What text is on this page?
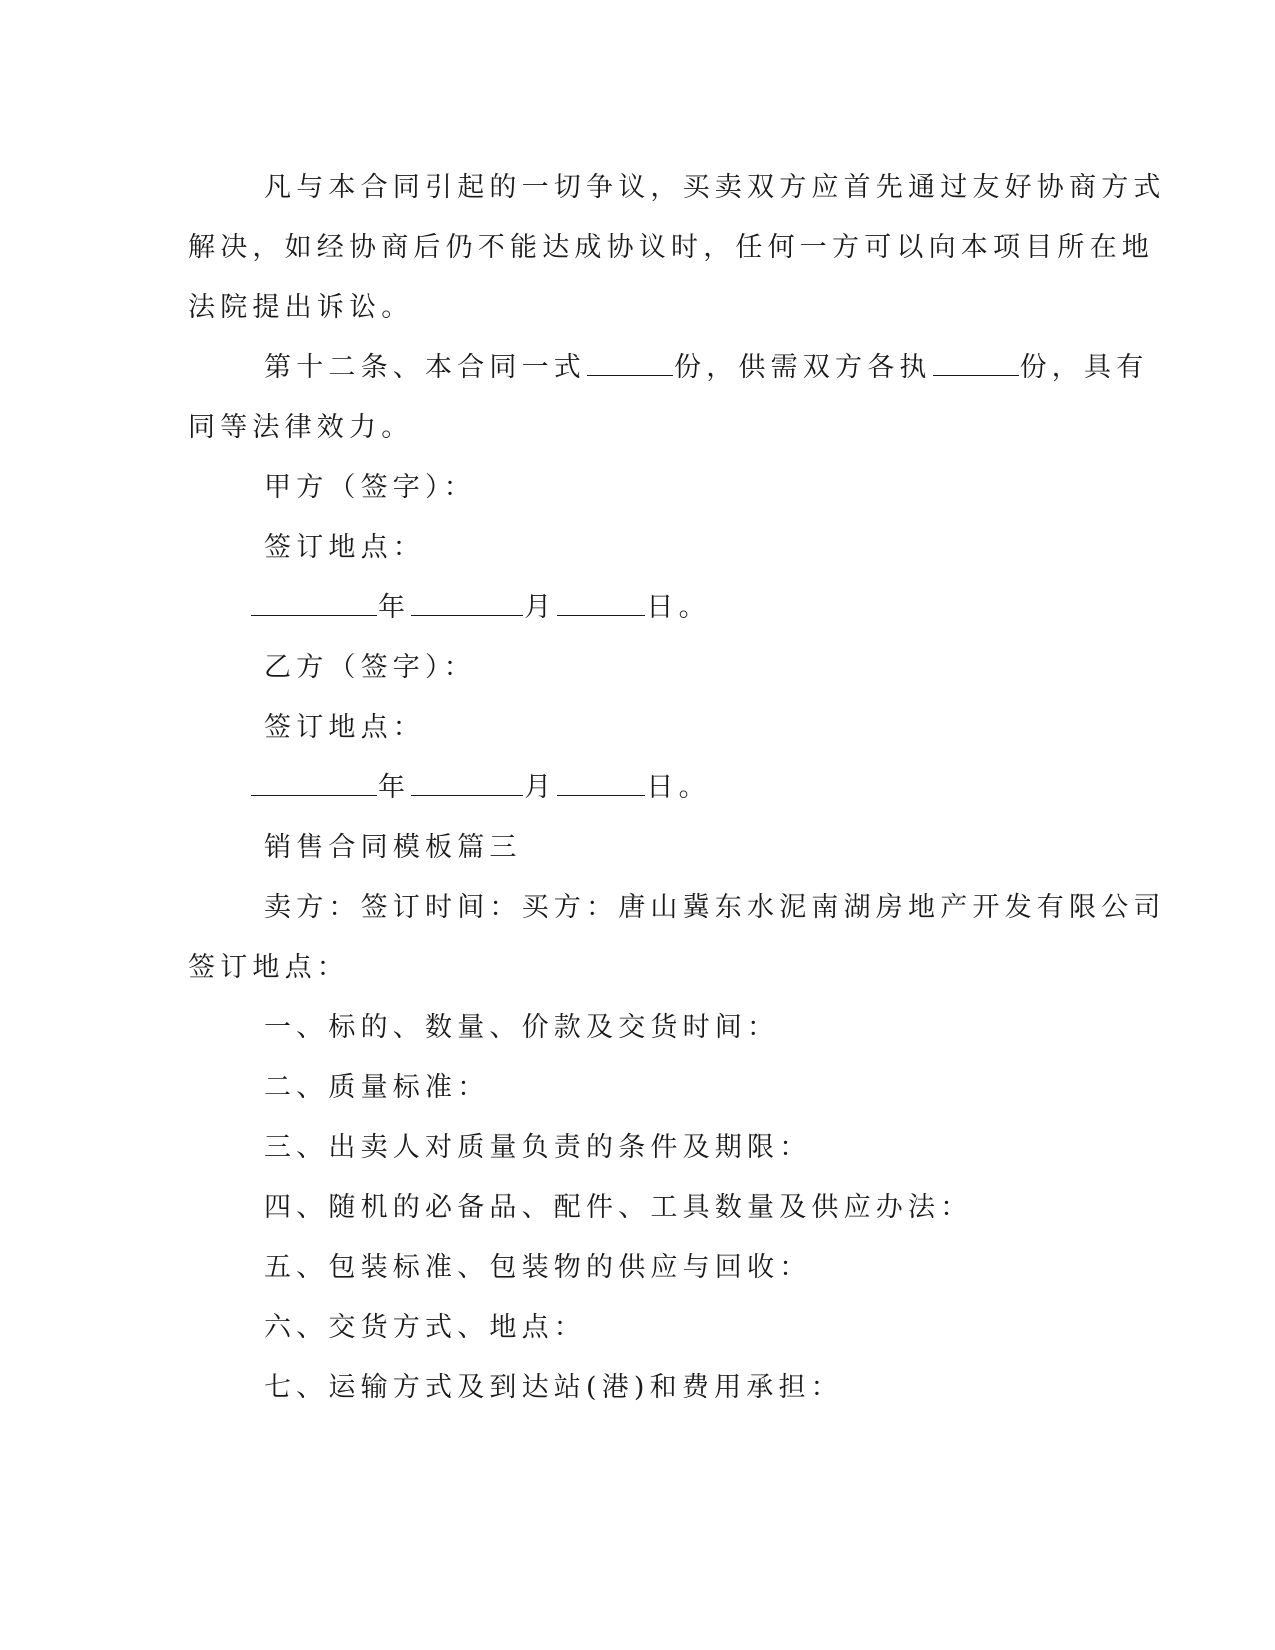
凡与本合同引起的一切争议，买卖双方应首先通过友好协商方式
解决，如经协商后仍不能达成协议时，任何一方可以向本项目所在地
法院提出诉讼。
第十二条、本合同一式	份，供需双方各执	份，具有
同等法律效力。
甲方（签字）：
签订地点：
年	月	日。
乙方（签字）：
签订地点：
年	月	日。
销售合同模板篇三
卖方：签订时间：买方：唐山冀东水泥南湖房地产开发有限公司
签订地点：
一、标的、数量、价款及交货时间：
二、质量标准：
三、出卖人对质量负责的条件及期限：
四、随机的必备品、配件、工具数量及供应办法：
五、包装标准、包装物的供应与回收：
六、交货方式、地点：
七、运输方式及到达站(港)和费用承担：
